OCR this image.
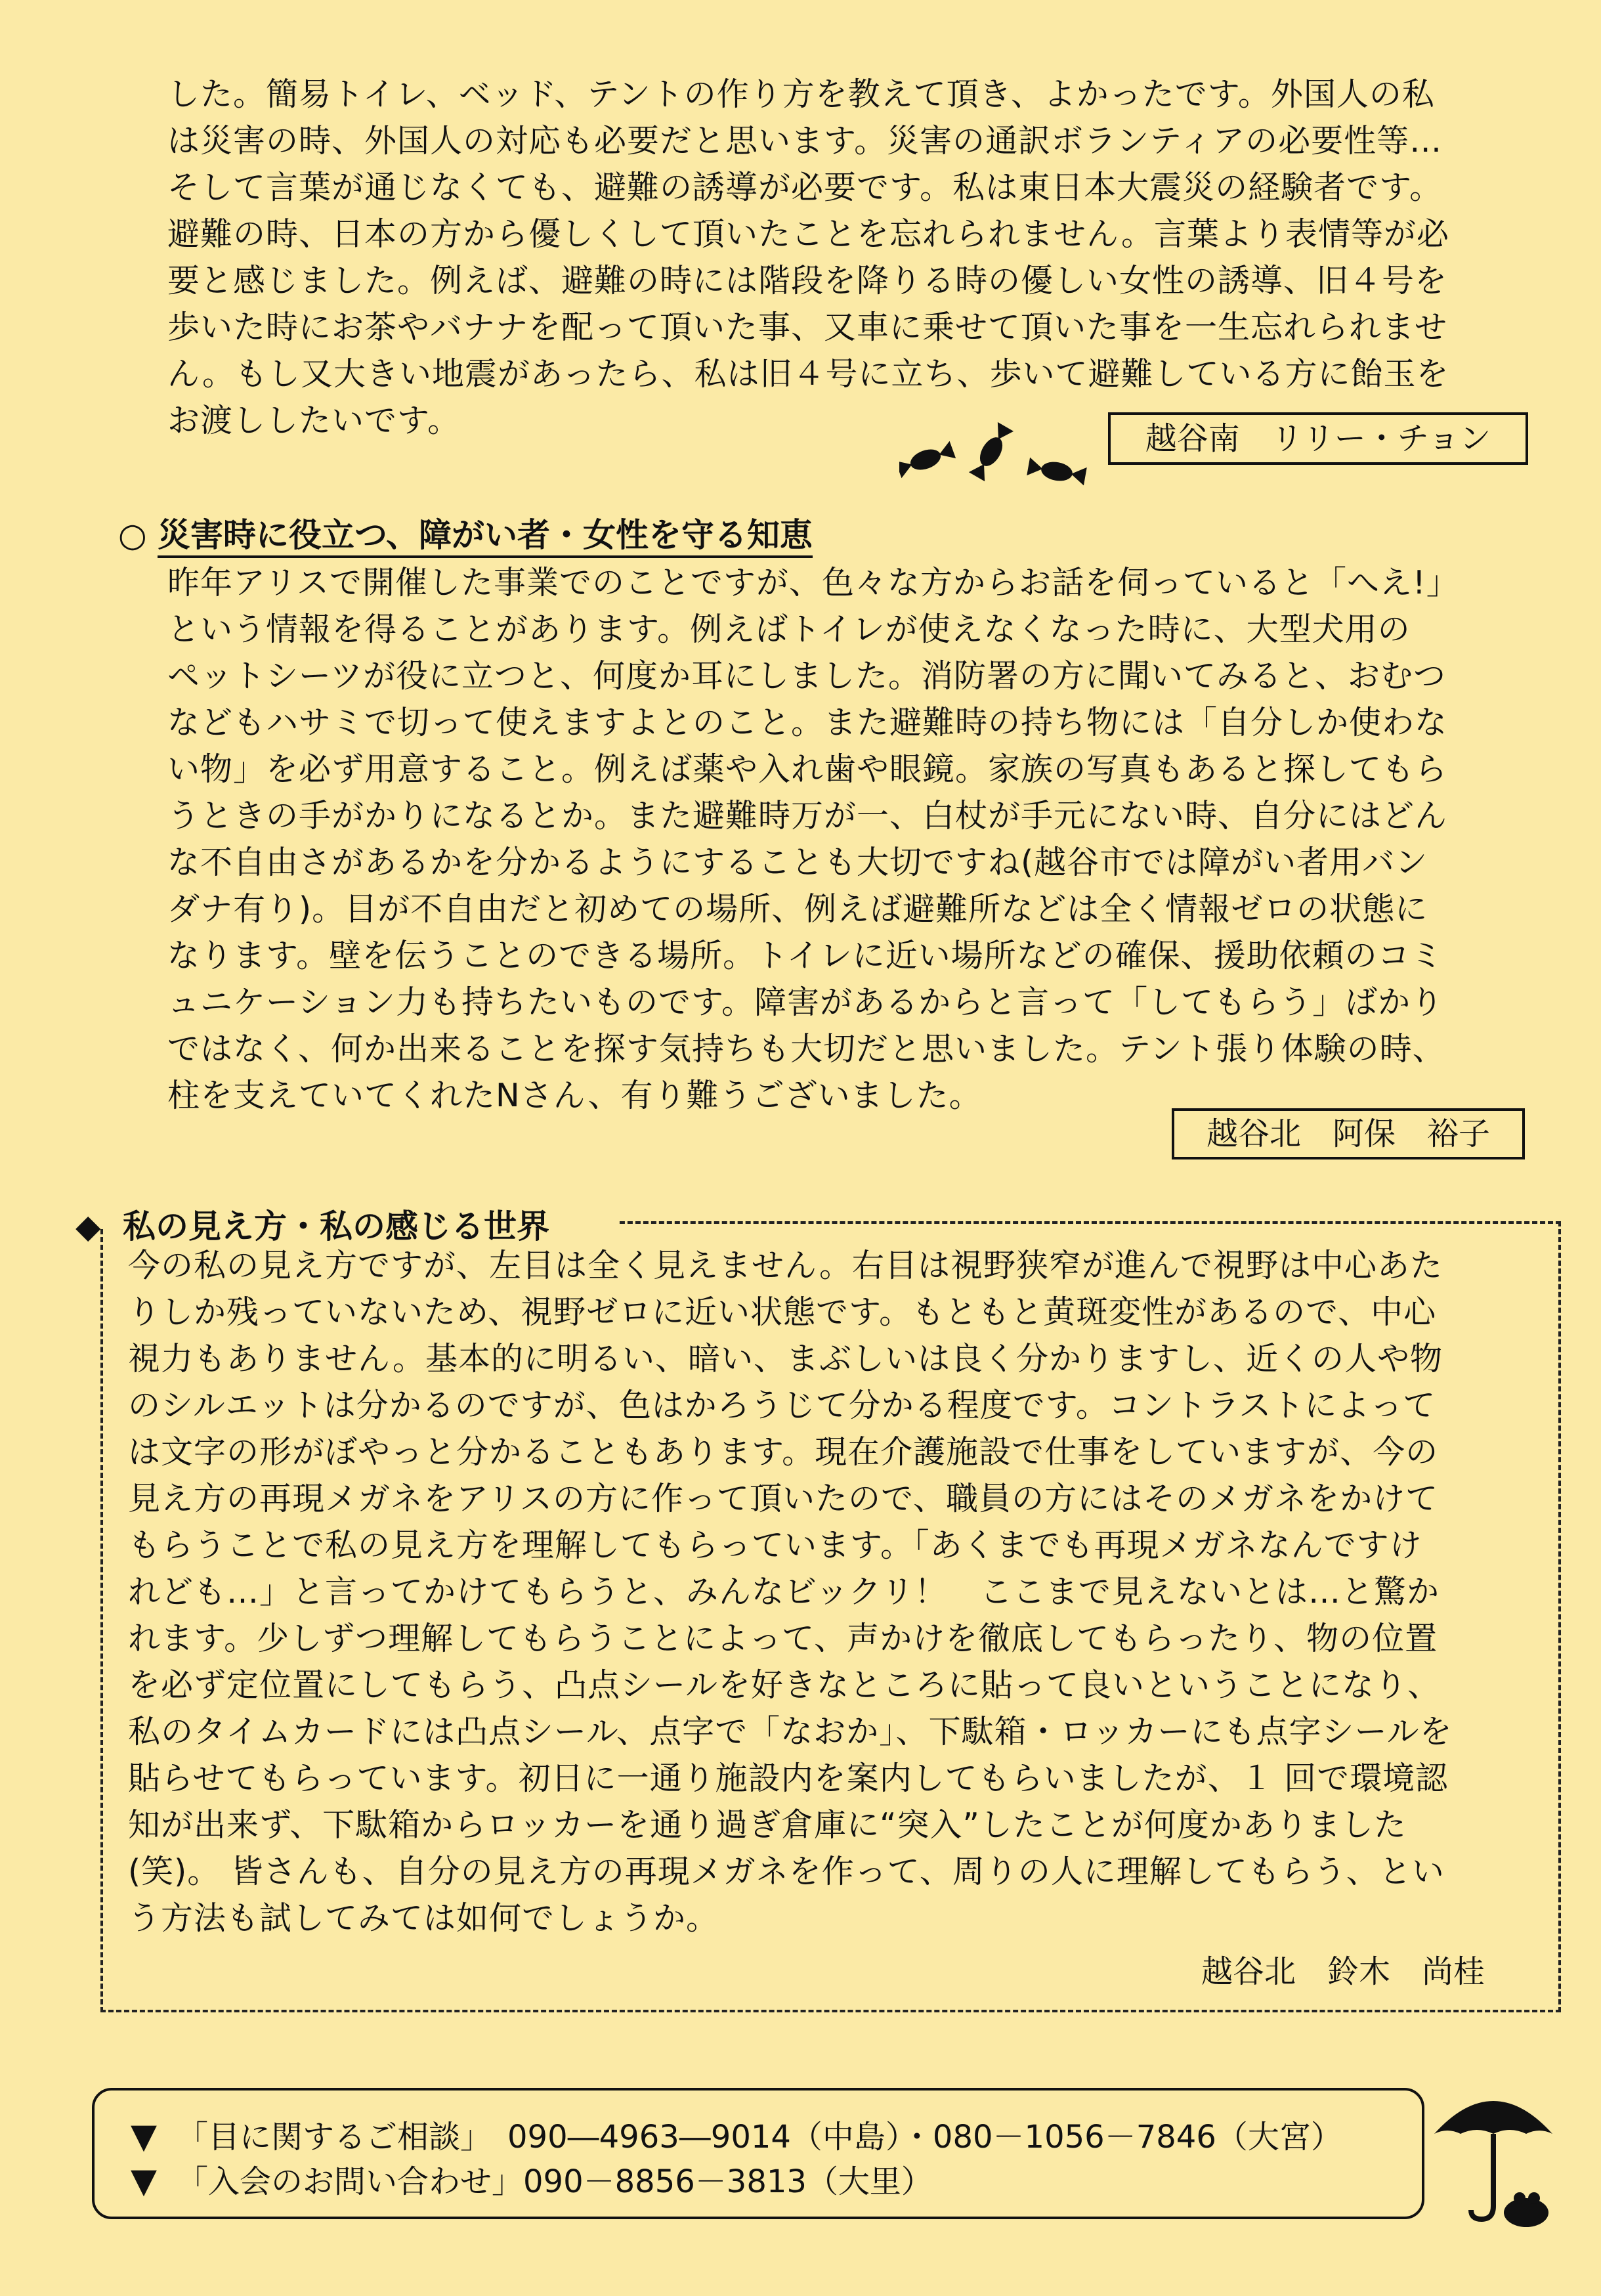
した。簡易トイレ、ベッド、テントの作り方を教えて頂き、よかったです。外国人の私

は災害の時、外国人の対応も必要だと思います。災害の通訳ボランティアの必要性等…

そして言葉が通じなくても、避難の誘導が必要です。私は東日本大震災の経験者です。

避難の時、日本の方から優しくして頂いたことを忘れられません。言葉より表情等が必

要と感じました。例えば、避難の時には階段を降りる時の優しい女性の誘導、旧４号を

歩いた時にお茶やバナナを配って頂いた事、又車に乗せて頂いた事を一生忘れられませ

ん。もし又大きい地震があったら、私は旧４号に立ち、歩いて避難している方に飴玉を

お渡ししたいです。	越谷南　リリー・チョン
○ 災害時に役立つ、障がい者・女性を守る知恵

昨年アリスで開催した事業でのことですが、色々な方からお話を伺っていると「へえ!」

という情報を得ることがあります。例えばトイレが使えなくなった時に、大型犬用の

ペットシーツが役に立つと、何度か耳にしました。消防署の方に聞いてみると、おむつ

などもハサミで切って使えますよとのこと。また避難時の持ち物には「自分しか使わな

い物」を必ず用意すること。例えば薬や入れ歯や眼鏡。家族の写真もあると探してもら

うときの手がかりになるとか。また避難時万が一、白杖が手元にない時、自分にはどん

な不自由さがあるかを分かるようにすることも大切ですね(越谷市では障がい者用バン

ダナ有り)。目が不自由だと初めての場所、例えば避難所などは全く情報ゼロの状態に

なります。壁を伝うことのできる場所。トイレに近い場所などの確保、援助依頼のコミ

ュニケーション力も持ちたいものです。障害があるからと言って「してもらう」ばかり

ではなく、何か出来ることを探す気持ちも大切だと思いました。テント張り体験の時、

柱を支えていてくれたNさん、有り難うございました。

越谷北　阿保　裕子
◆ 私の見え方・私の感じる世界

今の私の見え方ですが、左目は全く見えません。右目は視野狭窄が進んで視野は中心あた

りしか残っていないため、視野ゼロに近い状態です。もともと黄斑変性があるので、中心

視力もありません。基本的に明るい、暗い、まぶしいは良く分かりますし、近くの人や物

のシルエットは分かるのですが、色はかろうじて分かる程度です。コントラストによって

は文字の形がぼやっと分かることもあります。現在介護施設で仕事をしていますが、今の

見え方の再現メガネをアリスの方に作って頂いたので、職員の方にはそのメガネをかけて

もらうことで私の見え方を理解してもらっています。「あくまでも再現メガネなんですけ

れども…」と言ってかけてもらうと、みんなビックリ！　ここまで見えないとは…と驚か

れます。少しずつ理解してもらうことによって、声かけを徹底してもらったり、物の位置

を必ず定位置にしてもらう、凸点シールを好きなところに貼って良いということになり、

私のタイムカードには凸点シール、点字で「なおか」、下駄箱・ロッカーにも点字シールを

貼らせてもらっています。初日に一通り施設内を案内してもらいましたが、１ 回で環境認

知が出来ず、下駄箱からロッカーを通り過ぎ倉庫に“突入”したことが何度かありました

(笑)。 皆さんも、自分の見え方の再現メガネを作って、周りの人に理解してもらう、とい

う方法も試してみては如何でしょうか。

越谷北　鈴木　尚桂
▼ 「目に関するご相談」　090―4963―9014（中島）・080－1056－7846（大宮）
▼ 「入会のお問い合わせ」090－8856－3813（大里）
